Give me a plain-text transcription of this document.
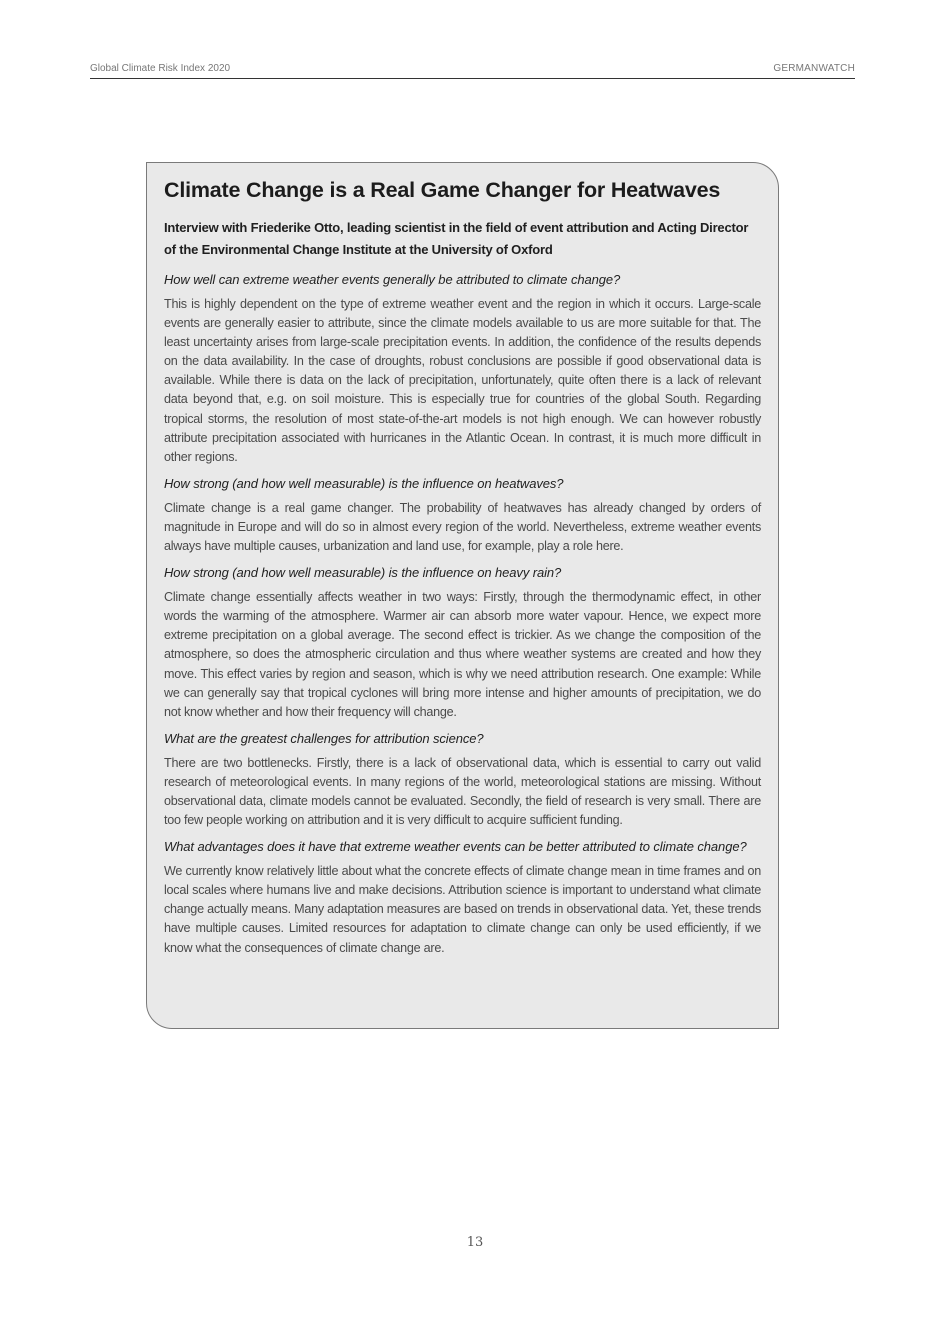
Global Climate Risk Index 2020	GERMANWATCH
Climate Change is a Real Game Changer for Heatwaves

Interview with Friederike Otto, leading scientist in the field of event attribution and Acting Director of the Environmental Change Institute at the University of Oxford

How well can extreme weather events generally be attributed to climate change?

This is highly dependent on the type of extreme weather event and the region in which it occurs. Large-scale events are generally easier to attribute, since the climate models available to us are more suitable for that. The least uncertainty arises from large-scale precipitation events. In addition, the confidence of the results depends on the data availability. In the case of droughts, robust conclusions are possible if good observational data is available. While there is data on the lack of precipitation, unfortunately, quite often there is a lack of relevant data beyond that, e.g. on soil moisture. This is especially true for countries of the global South. Regarding tropical storms, the resolution of most state-of-the-art models is not high enough. We can however robustly attribute precipitation associated with hurricanes in the Atlantic Ocean. In contrast, it is much more difficult in other regions.

How strong (and how well measurable) is the influence on heatwaves?

Climate change is a real game changer. The probability of heatwaves has already changed by orders of magnitude in Europe and will do so in almost every region of the world. Nevertheless, extreme weather events always have multiple causes, urbanization and land use, for example, play a role here.

How strong (and how well measurable) is the influence on heavy rain?

Climate change essentially affects weather in two ways: Firstly, through the thermodynamic effect, in other words the warming of the atmosphere. Warmer air can absorb more water vapour. Hence, we expect more extreme precipitation on a global average. The second effect is trickier. As we change the composition of the atmosphere, so does the atmospheric circulation and thus where weather systems are created and how they move. This effect varies by region and season, which is why we need attribution research. One example: While we can generally say that tropical cyclones will bring more intense and higher amounts of precipitation, we do not know whether and how their frequency will change.

What are the greatest challenges for attribution science?

There are two bottlenecks. Firstly, there is a lack of observational data, which is essential to carry out valid research of meteorological events. In many regions of the world, meteorological stations are missing. Without observational data, climate models cannot be evaluated. Secondly, the field of research is very small. There are too few people working on attribution and it is very difficult to acquire sufficient funding.

What advantages does it have that extreme weather events can be better attributed to climate change?

We currently know relatively little about what the concrete effects of climate change mean in time frames and on local scales where humans live and make decisions. Attribution science is important to understand what climate change actually means. Many adaptation measures are based on trends in observational data. Yet, these trends have multiple causes. Limited resources for adaptation to climate change can only be used efficiently, if we know what the consequences of climate change are.

13
